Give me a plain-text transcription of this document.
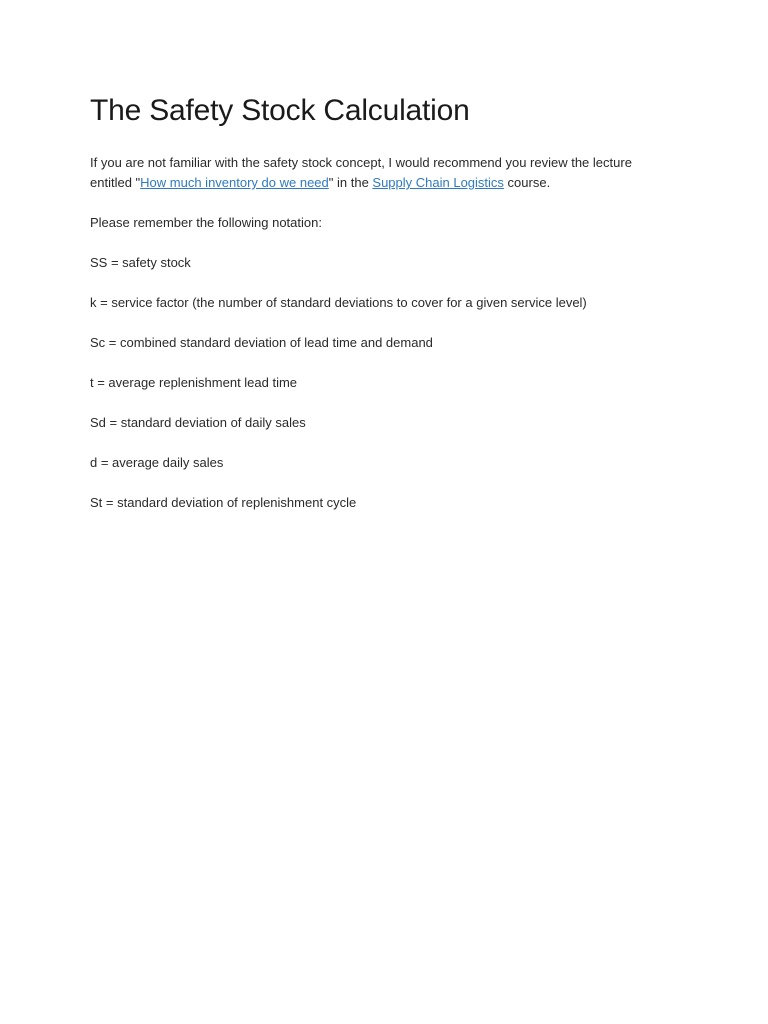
The Safety Stock Calculation

If you are not familiar with the safety stock concept, I would recommend you review the lecture entitled "How much inventory do we need" in the Supply Chain Logistics course.

Please remember the following notation:

SS = safety stock

k = service factor (the number of standard deviations to cover for a given service level)

Sc = combined standard deviation of lead time and demand

t = average replenishment lead time

Sd = standard deviation of daily sales

d = average daily sales

St = standard deviation of replenishment cycle
